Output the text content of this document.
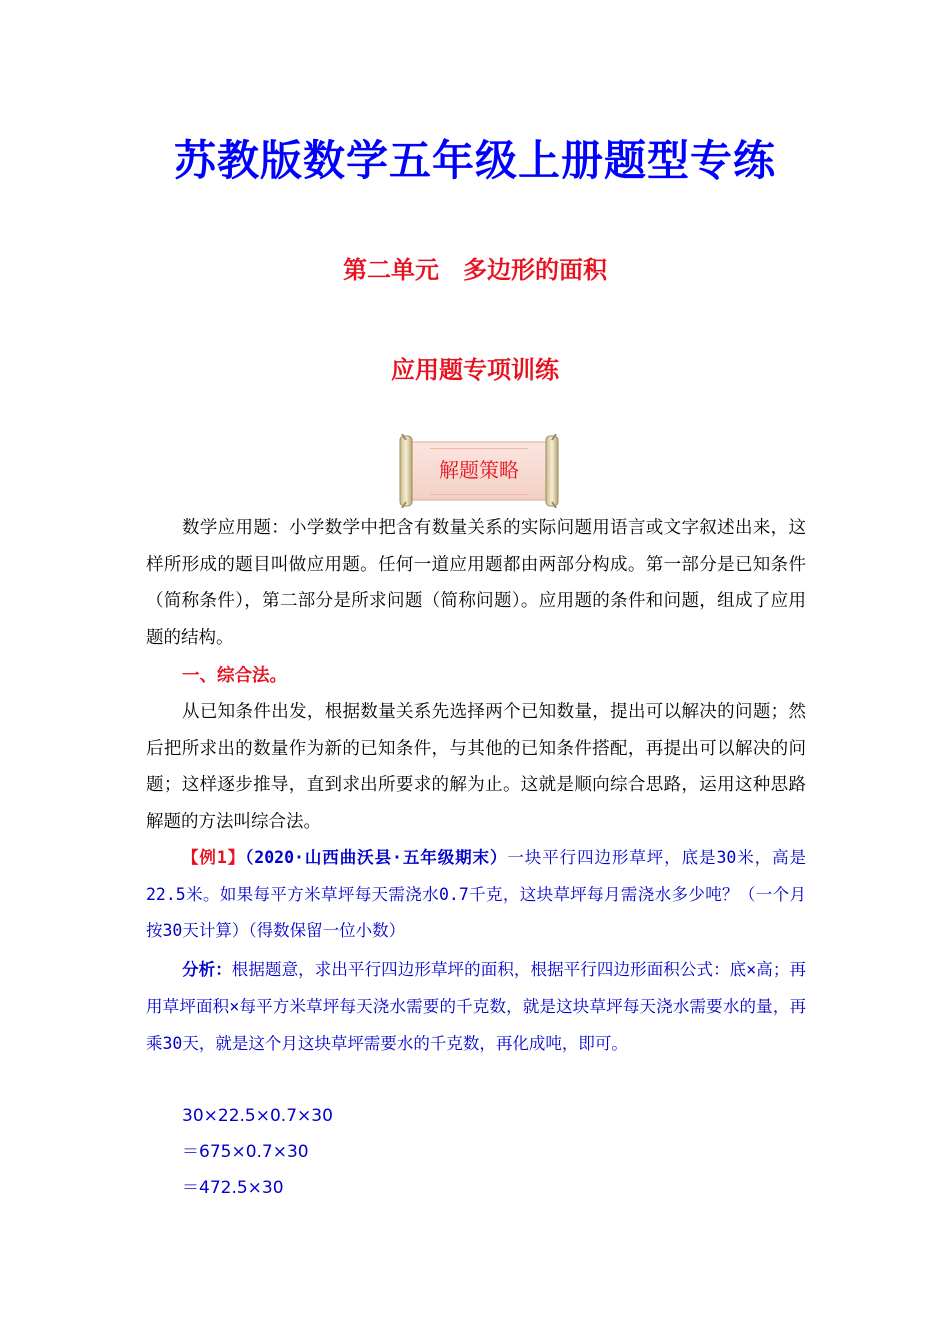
苏教版数学五年级上册题型专练
第二单元　多边形的面积
应用题专项训练
解题策略

数学应用题：小学数学中把含有数量关系的实际问题用语言或文字叙述出来，这样所形成的题目叫做应用题。任何一道应用题都由两部分构成。第一部分是已知条件（简称条件），第二部分是所求问题（简称问题）。应用题的条件和问题，组成了应用题的结构。

一、综合法。

从已知条件出发，根据数量关系先选择两个已知数量，提出可以解决的问题；然后把所求出的数量作为新的已知条件，与其他的已知条件搭配，再提出可以解决的问题；这样逐步推导，直到求出所要求的解为止。这就是顺向综合思路，运用这种思路解题的方法叫综合法。

【例1】（2020·山西曲沃县·五年级期末）一块平行四边形草坪，底是30米，高是22.5米。如果每平方米草坪每天需浇水0.7千克，这块草坪每月需浇水多少吨？（一个月按30天计算）（得数保留一位小数）

分析：根据题意，求出平行四边形草坪的面积，根据平行四边形面积公式：底×高；再用草坪面积×每平方米草坪每天浇水需要的千克数，就是这块草坪每天浇水需要水的量，再乘30天，就是这个月这块草坪需要水的千克数，再化成吨，即可。

30×22.5×0.7×30

＝675×0.7×30

＝472.5×30
